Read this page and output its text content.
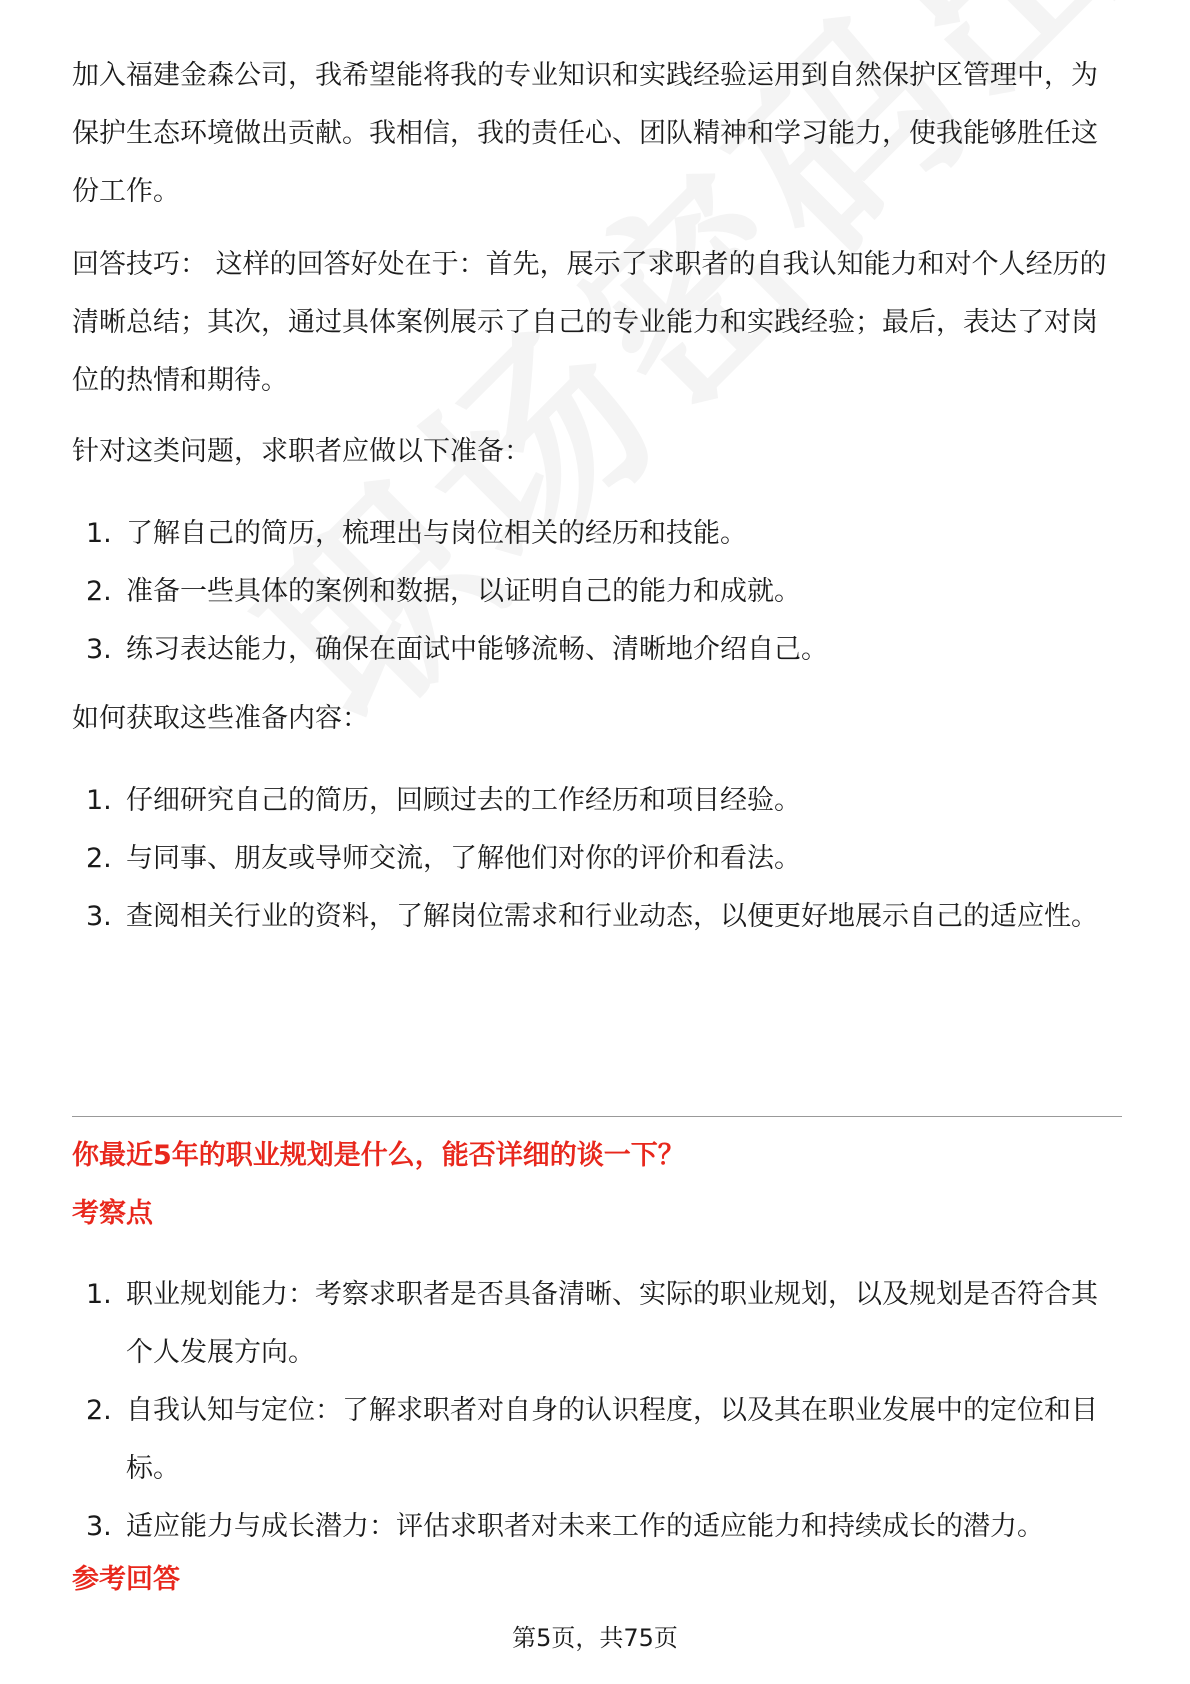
加入福建金森公司，我希望能将我的专业知识和实践经验运用到自然保护区管理中，为保护生态环境做出贡献。我相信，我的责任心、团队精神和学习能力，使我能够胜任这份工作。

回答技巧： 这样的回答好处在于：首先，展示了求职者的自我认知能力和对个人经历的清晰总结；其次，通过具体案例展示了自己的专业能力和实践经验；最后，表达了对岗位的热情和期待。

针对这类问题，求职者应做以下准备：

1. 了解自己的简历，梳理出与岗位相关的经历和技能。
2. 准备一些具体的案例和数据，以证明自己的能力和成就。
3. 练习表达能力，确保在面试中能够流畅、清晰地介绍自己。

如何获取这些准备内容：

1. 仔细研究自己的简历，回顾过去的工作经历和项目经验。
2. 与同事、朋友或导师交流，了解他们对你的评价和看法。
3. 查阅相关行业的资料，了解岗位需求和行业动态，以便更好地展示自己的适应性。
你最近5年的职业规划是什么，能否详细的谈一下？
考察点
1. 职业规划能力：考察求职者是否具备清晰、实际的职业规划，以及规划是否符合其个人发展方向。
2. 自我认知与定位：了解求职者对自身的认识程度，以及其在职业发展中的定位和目标。
3. 适应能力与成长潜力：评估求职者对未来工作的适应能力和持续成长的潜力。
参考回答
第5页，共75页
